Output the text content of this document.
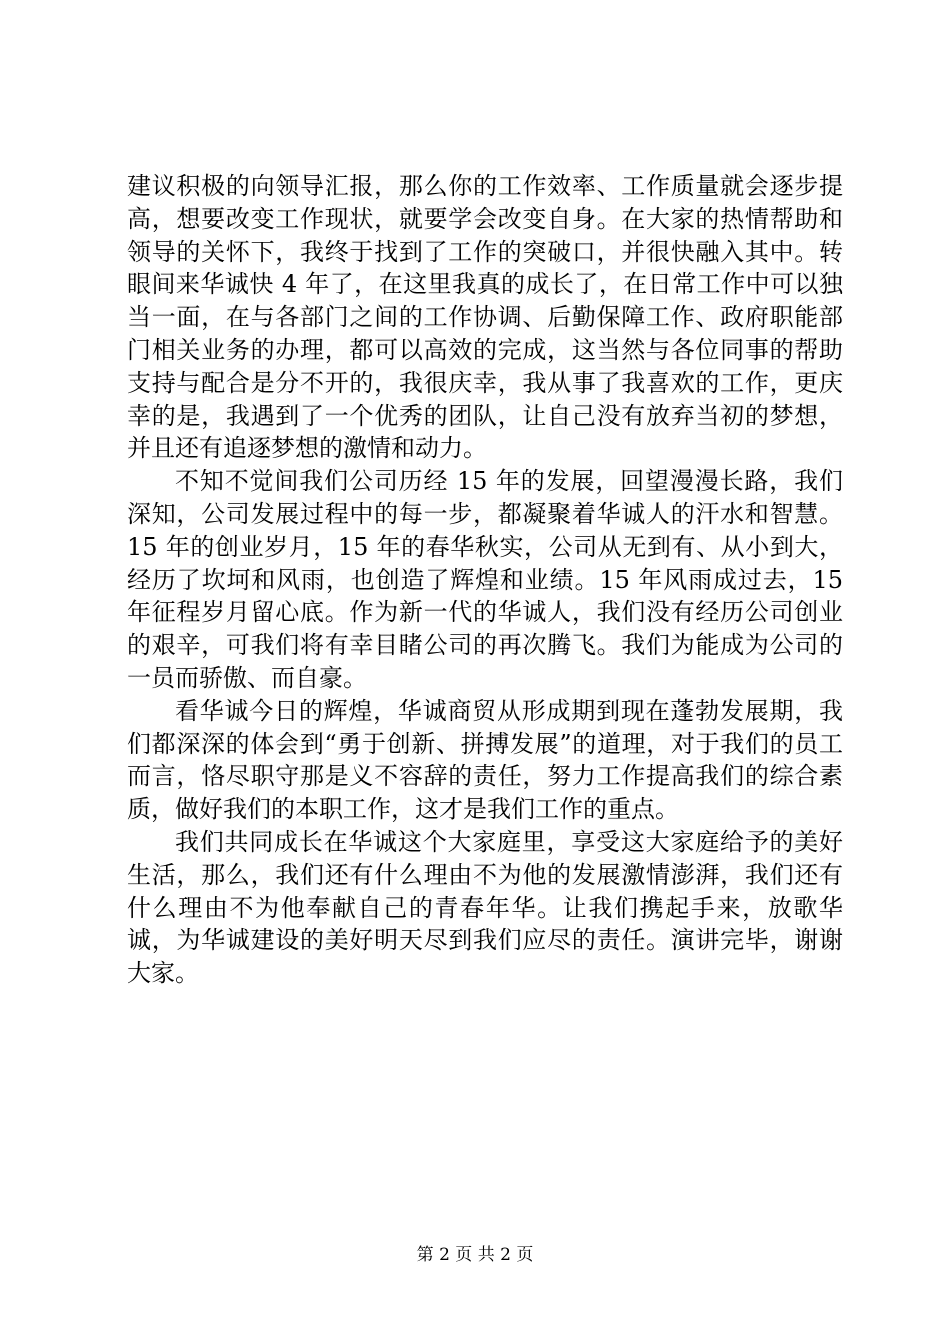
建议积极的向领导汇报，那么你的工作效率、工作质量就会逐步提高，想要改变工作现状，就要学会改变自身。在大家的热情帮助和领导的关怀下，我终于找到了工作的突破口，并很快融入其中。转眼间来华诚快 4 年了，在这里我真的成长了，在日常工作中可以独当一面，在与各部门之间的工作协调、后勤保障工作、政府职能部门相关业务的办理，都可以高效的完成，这当然与各位同事的帮助支持与配合是分不开的，我很庆幸，我从事了我喜欢的工作，更庆幸的是，我遇到了一个优秀的团队，让自己没有放弃当初的梦想，并且还有追逐梦想的激情和动力。

不知不觉间我们公司历经 15 年的发展，回望漫漫长路，我们深知，公司发展过程中的每一步，都凝聚着华诚人的汗水和智慧。15 年的创业岁月，15 年的春华秋实，公司从无到有、从小到大，经历了坎坷和风雨，也创造了辉煌和业绩。15 年风雨成过去，15 年征程岁月留心底。作为新一代的华诚人，我们没有经历公司创业的艰辛，可我们将有幸目睹公司的再次腾飞。我们为能成为公司的一员而骄傲、而自豪。

看华诚今日的辉煌，华诚商贸从形成期到现在蓬勃发展期，我们都深深的体会到“勇于创新、拼搏发展”的道理，对于我们的员工而言，恪尽职守那是义不容辞的责任，努力工作提高我们的综合素质，做好我们的本职工作，这才是我们工作的重点。

我们共同成长在华诚这个大家庭里，享受这大家庭给予的美好生活，那么，我们还有什么理由不为他的发展激情澎湃，我们还有什么理由不为他奉献自己的青春年华。让我们携起手来，放歌华诚，为华诚建设的美好明天尽到我们应尽的责任。演讲完毕，谢谢大家。

第 2 页 共 2 页
